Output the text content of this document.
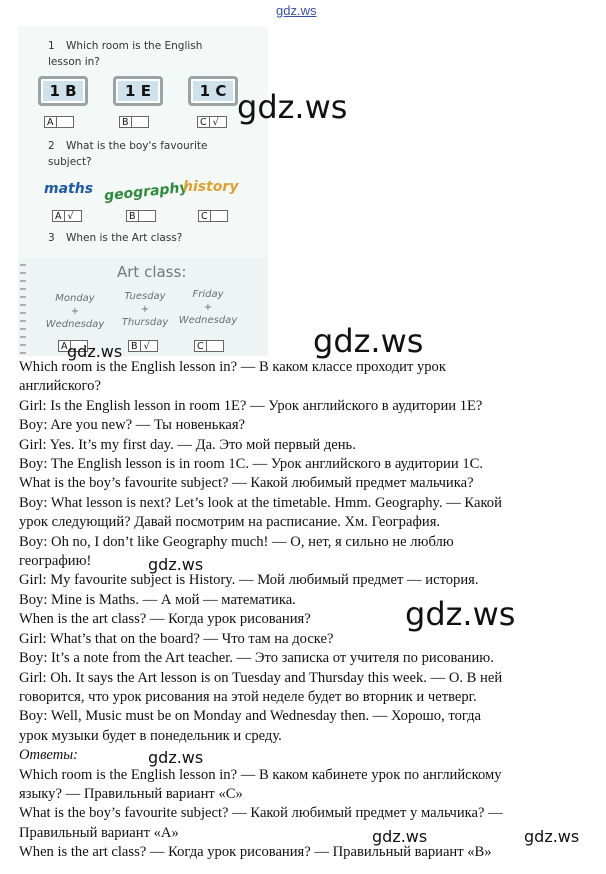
gdz.ws
1 Which room is the English lesson in?
1 B	1 E	1 C
A	B	C √
2 What is the boy's favourite subject?
maths geography
history
A √	B	C
3 When is the Art class?
Art class:
Monday
+
Wednesday
Tuesday
+
Thursday
Friday
+
Wednesday
A	B √	C
gdz.ws
gdz.ws
gdz.ws
gdz.ws
gdz.ws
gdz.ws
gdz.ws	gdz.ws
Which room is the English lesson in? — В каком классе проходит урок
английского?
Girl: Is the English lesson in room 1E? — Урок английского в аудитории 1E?
Boy: Are you new? — Ты новенькая?
Girl: Yes. It’s my first day. — Да. Это мой первый день.
Boy: The English lesson is in room 1C. — Урок английского в аудитории 1С.
What is the boy’s favourite subject? — Какой любимый предмет мальчика?
Boy: What lesson is next? Let’s look at the timetable. Hmm. Geography. — Какой
урок следующий? Давай посмотрим на расписание. Хм. География.
Boy: Oh no, I don’t like Geography much! — О, нет, я сильно не люблю
географию!
Girl: My favourite subject is History. — Мой любимый предмет — история.
Boy: Mine is Maths. — А мой — математика.
When is the art class? — Когда урок рисования?
Girl: What’s that on the board? — Что там на доске?
Boy: It’s a note from the Art teacher. — Это записка от учителя по рисованию.
Girl: Oh. It says the Art lesson is on Tuesday and Thursday this week. — О. В ней
говорится, что урок рисования на этой неделе будет во вторник и четверг.
Boy: Well, Music must be on Monday and Wednesday then. — Хорошо, тогда
урок музыки будет в понедельник и среду.
Ответы:
Which room is the English lesson in? — В каком кабинете урок по английскому
языку? — Правильный вариант «С»
What is the boy’s favourite subject? — Какой любимый предмет у мальчика? —
Правильный вариант «А»
When is the art class? — Когда урок рисования? — Правильный вариант «В»
